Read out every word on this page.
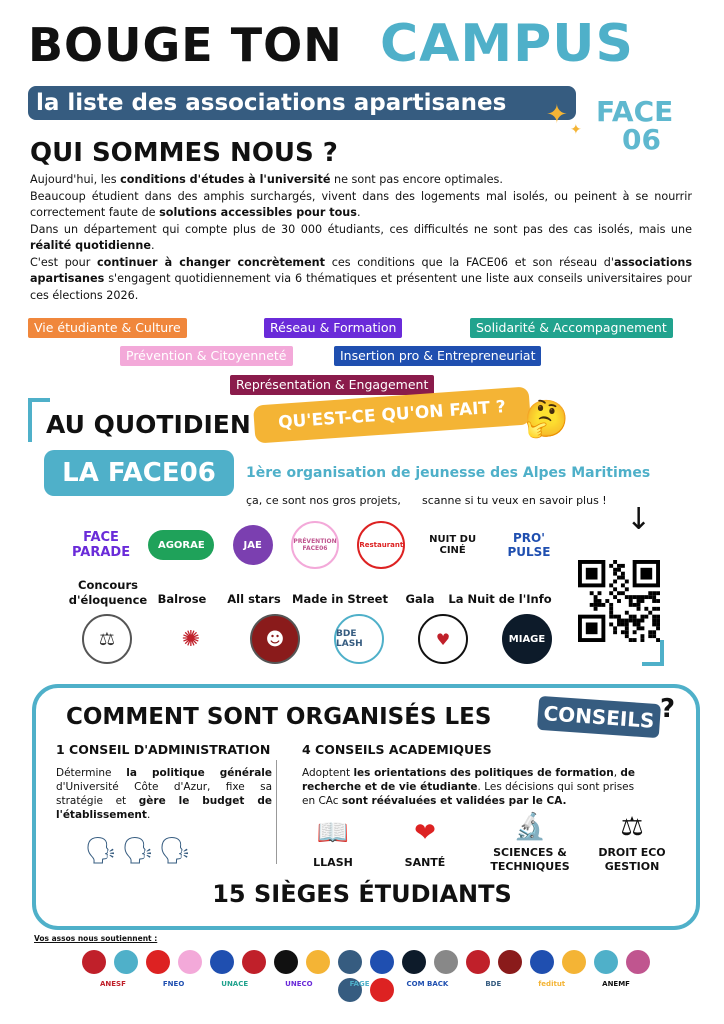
BOUGE TON CAMPUS
la liste des associations apartisanes	✦ ✦
FACE
06
QUI SOMMES NOUS ?

Aujourd'hui, les conditions d'études à l'université ne sont pas encore optimales.

Beaucoup étudient dans des amphis surchargés, vivent dans des logements mal isolés, ou peinent à se nourrir correctement faute de solutions accessibles pour tous.

Dans un département qui compte plus de 30 000 étudiants, ces difficultés ne sont pas des cas isolés, mais une réalité quotidienne.

C'est pour continuer à changer concrètement ces conditions que la FACE06 et son réseau d'associations apartisanes s'engagent quotidiennement via 6 thématiques et présentent une liste aux conseils universitaires pour ces élections 2026.

Vie étudiante & Culture	Réseau & Formation	Solidarité & Accompagnement
Prévention & Citoyenneté	Insertion pro & Entrepreneuriat
Représentation & Engagement
AU QUOTIDIEN	QU'EST-CE QU'ON FAIT ? 🤔
LA FACE06	1ère organisation de jeunesse des Alpes Maritimes
ça, ce sont nos gros projets, scanne si tu veux en savoir plus !
↓
FACE PARADE	AGORAE	JAE	PRÉVENTION FACE06	Restaurant	NUIT DU CINÉ
PRO' PULSE
Concours d'éloquence Balrose	All stars Made in Street	Gala	La Nuit de l'Info
⚖	✺	☻	BDE LASH	♥	MIAGE
COMMENT SONT ORGANISÉS LES	CONSEILS ?
1 CONSEIL D'ADMINISTRATION
Détermine la politique générale d'Université Côte d'Azur, fixe sa stratégie et gère le budget de l'établissement.
🗣🗣🗣
4 CONSEILS ACADEMIQUES
Adoptent les orientations des politiques de formation, de recherche et de vie étudiante. Les décisions qui sont prises en CAc sont réévaluées et validées par le CA.
📖
LLASH
❤
SANTÉ
🔬
SCIENCES & TECHNIQUES
⚖
DROIT ECO GESTION
15 SIÈGES ÉTUDIANTS
Vos assos nous soutiennent :
ANESF	FNEO	UNACE	UNECO	FAGE	COM BACK	BDE	feditut	ANEMF
